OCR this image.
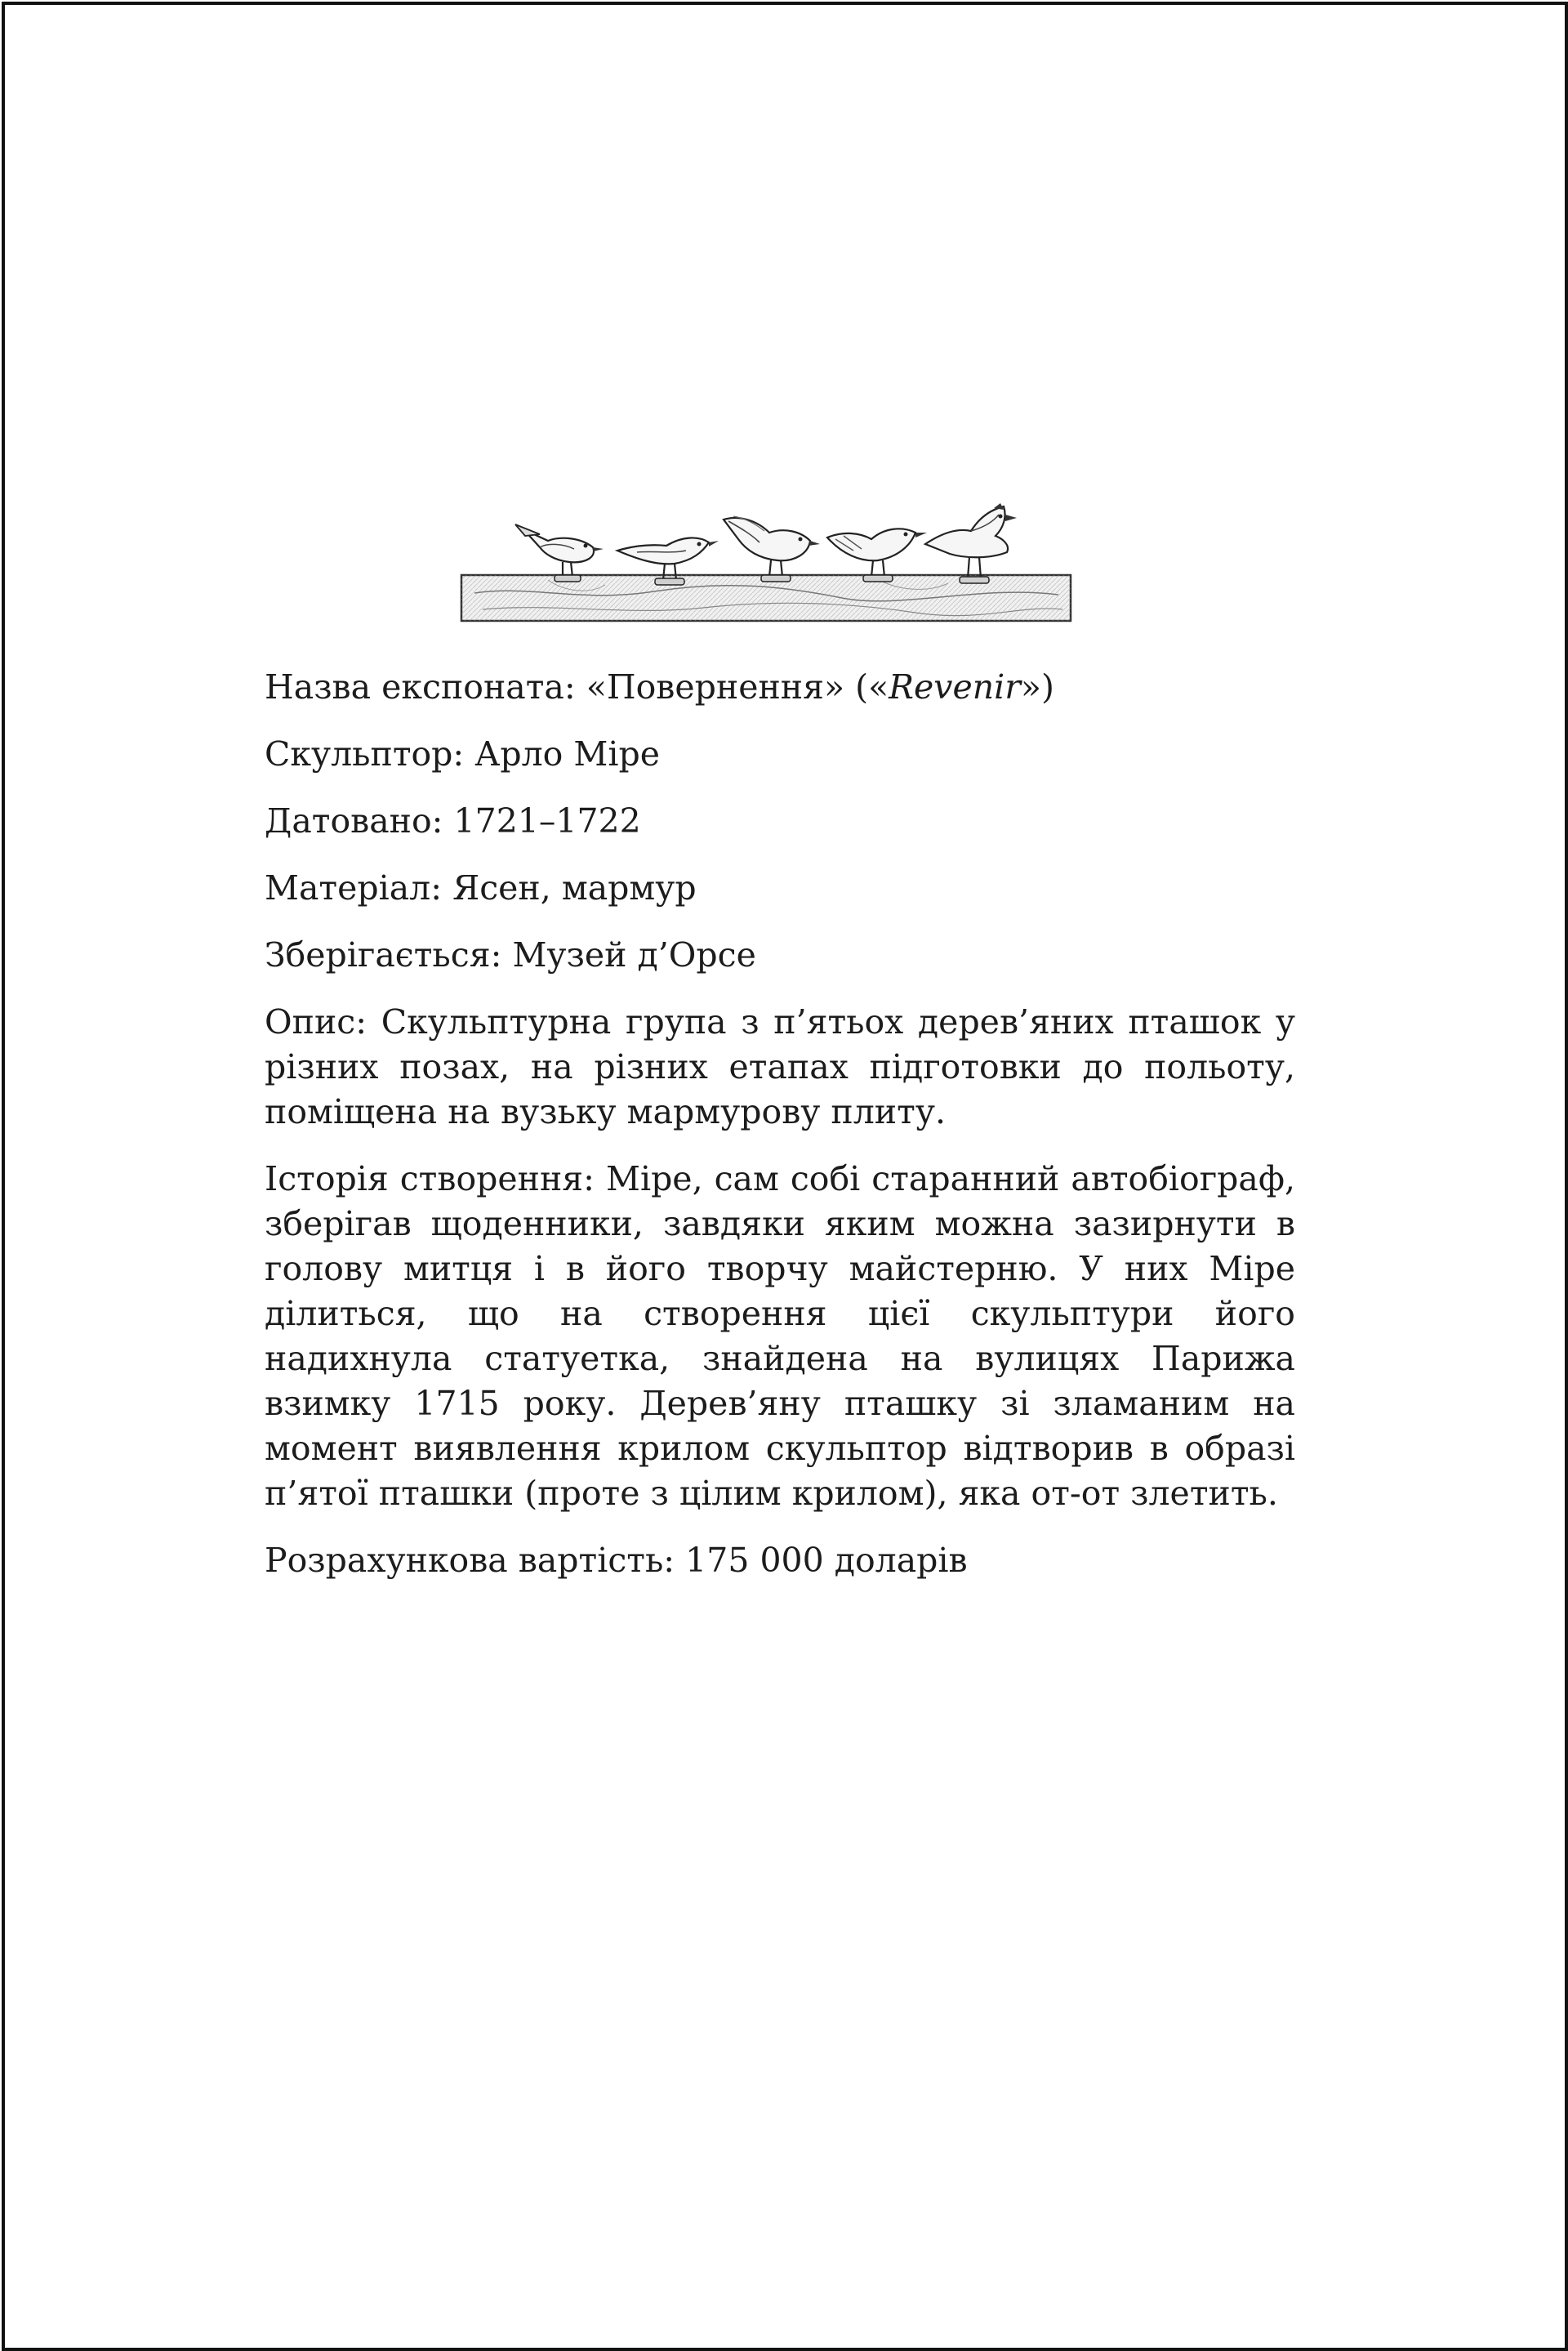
Назва експоната: «Повернення» («Revenir»)

Скульптор: Арло Міре

Датовано: 1721–1722

Матеріал: Ясен, мармур

Зберігається: Музей д’Орсе

Опис: Скульптурна група з п’ятьох дерев’яних пташок у різних позах, на різних етапах підготовки до польоту, поміщена на вузьку мармурову плиту.

Історія створення: Міре, сам собі старанний автобіограф, зберігав щоденники, завдяки яким можна зазирнути в голову митця і в його творчу майстерню. У них Міре ділиться, що на створення цієї скульптури його надихнула статуетка, знайдена на вулицях Парижа взимку 1715 року. Дерев’яну пташку зі зламаним на момент виявлення крилом скульптор відтворив в образі п’ятої пташки (проте з цілим крилом), яка от-от злетить.

Розрахункова вартість: 175 000 доларів
